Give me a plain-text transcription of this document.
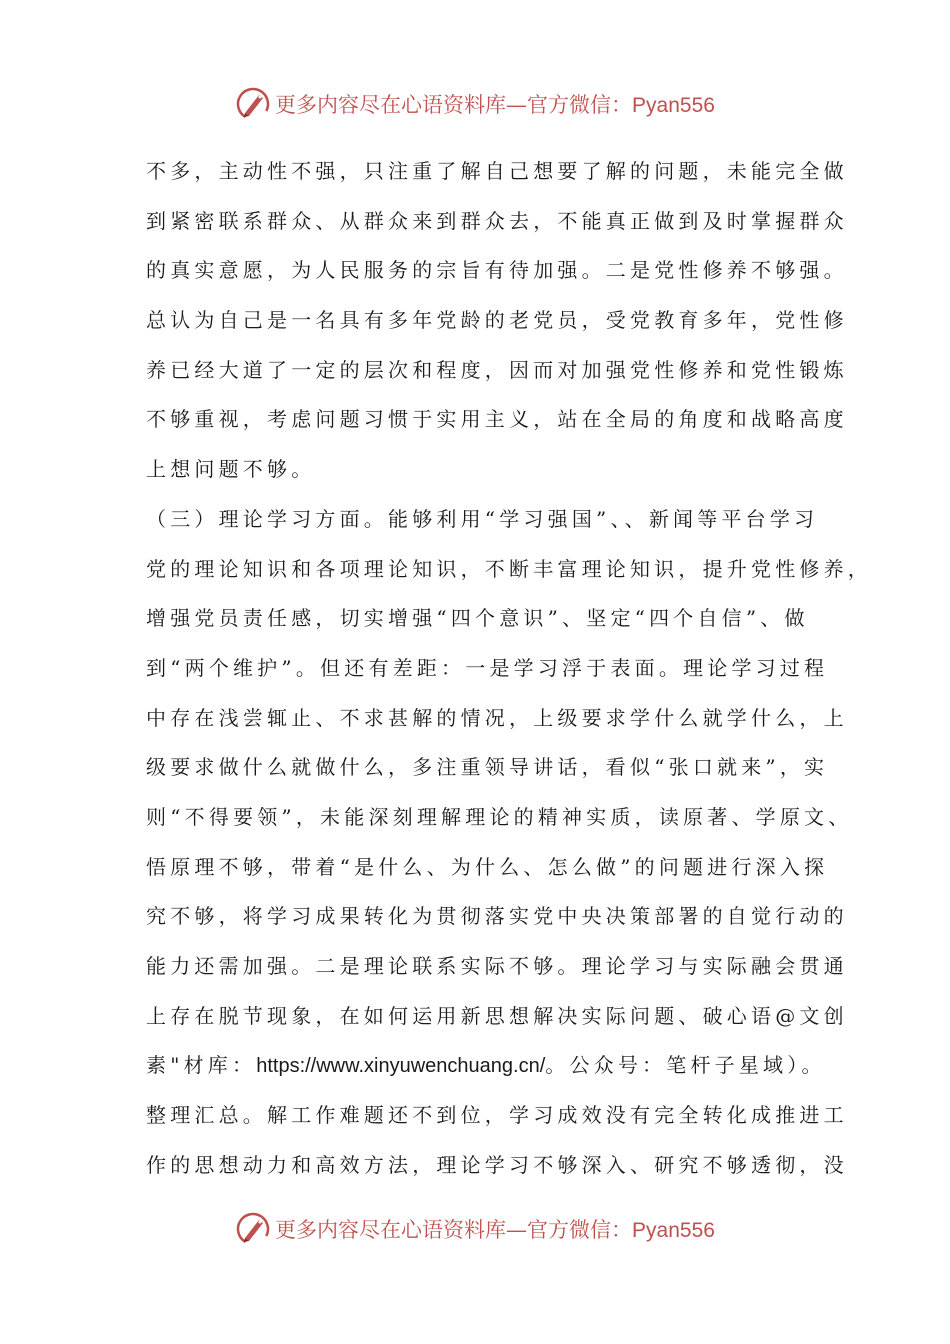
更多内容尽在心语资料库—官方微信：Pyan556
不多，主动性不强，只注重了解自己想要了解的问题，未能完全做
到紧密联系群众、从群众来到群众去，不能真正做到及时掌握群众
的真实意愿，为人民服务的宗旨有待加强。二是党性修养不够强。
总认为自己是一名具有多年党龄的老党员，受党教育多年，党性修
养已经大道了一定的层次和程度，因而对加强党性修养和党性锻炼
不够重视，考虑问题习惯于实用主义，站在全局的角度和战略高度
上想问题不够。
（三）理论学习方面。能够利用“学习强国”、、新闻等平台学习
党的理论知识和各项理论知识，不断丰富理论知识，提升党性修养，
增强党员责任感，切实增强“四个意识”、坚定“四个自信”、做
到“两个维护”。但还有差距：一是学习浮于表面。理论学习过程
中存在浅尝辄止、不求甚解的情况，上级要求学什么就学什么，上
级要求做什么就做什么，多注重领导讲话，看似“张口就来”，实
则“不得要领”，未能深刻理解理论的精神实质，读原著、学原文、
悟原理不够，带着“是什么、为什么、怎么做”的问题进行深入探
究不够，将学习成果转化为贯彻落实党中央决策部署的自觉行动的
能力还需加强。二是理论联系实际不够。理论学习与实际融会贯通
上存在脱节现象，在如何运用新思想解决实际问题、破心语@文创
素"材库：https://www.xinyuwenchuang.cn/。公众号：笔杆子星域）。
整理汇总。解工作难题还不到位，学习成效没有完全转化成推进工
作的思想动力和高效方法，理论学习不够深入、研究不够透彻，没
更多内容尽在心语资料库—官方微信：Pyan556
